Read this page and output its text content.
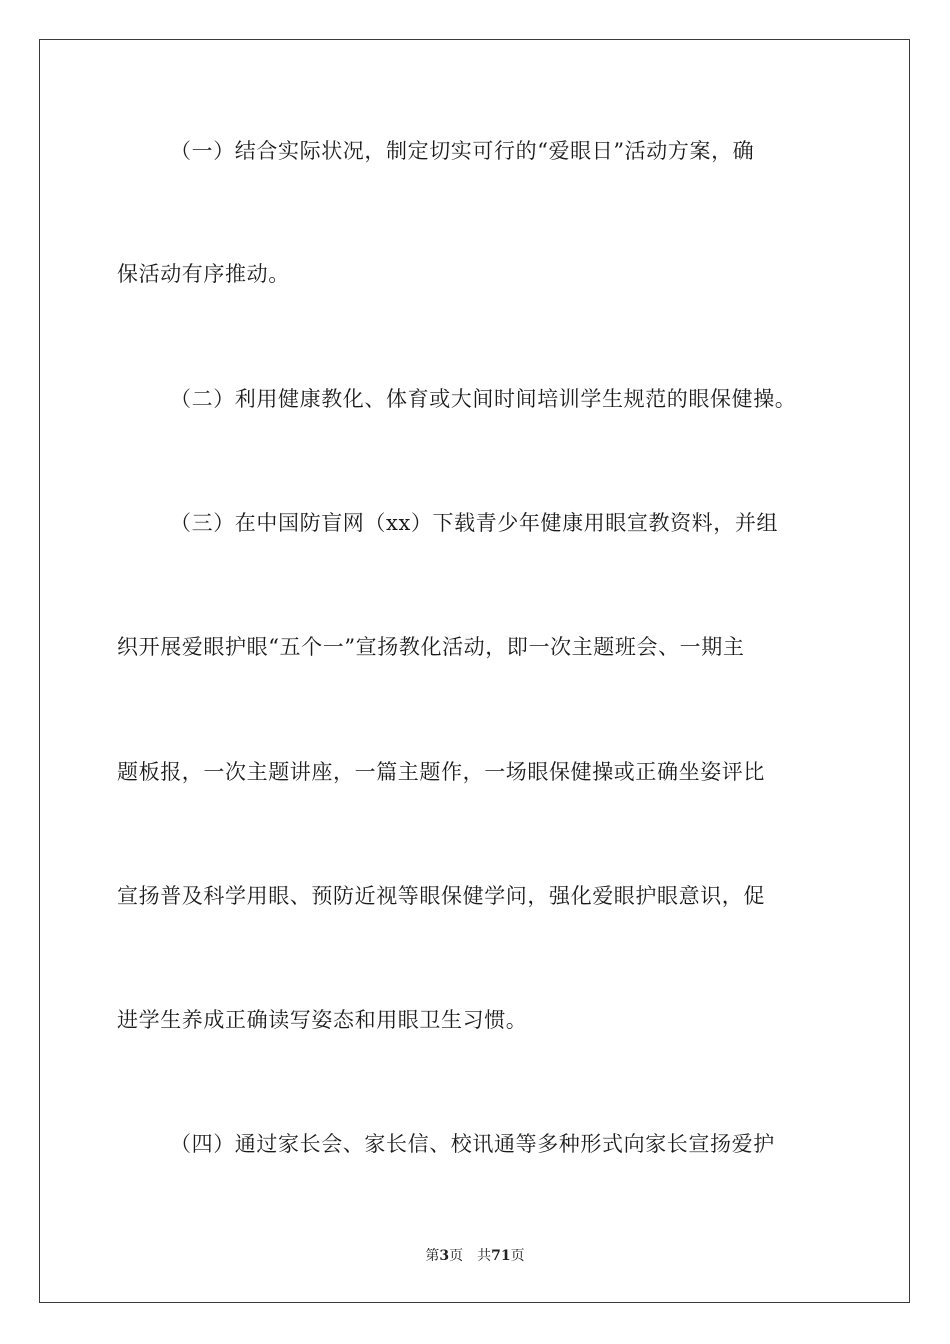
（一）结合实际状况，制定切实可行的“爱眼日”活动方案，确
保活动有序推动。
（二）利用健康教化、体育或大间时间培训学生规范的眼保健操。
（三）在中国防盲网（xx）下载青少年健康用眼宣教资料，并组
织开展爱眼护眼“五个一”宣扬教化活动，即一次主题班会、一期主
题板报，一次主题讲座，一篇主题作，一场眼保健操或正确坐姿评比
宣扬普及科学用眼、预防近视等眼保健学问，强化爱眼护眼意识，促
进学生养成正确读写姿态和用眼卫生习惯。
（四）通过家长会、家长信、校讯通等多种形式向家长宣扬爱护
第3页 共71页
